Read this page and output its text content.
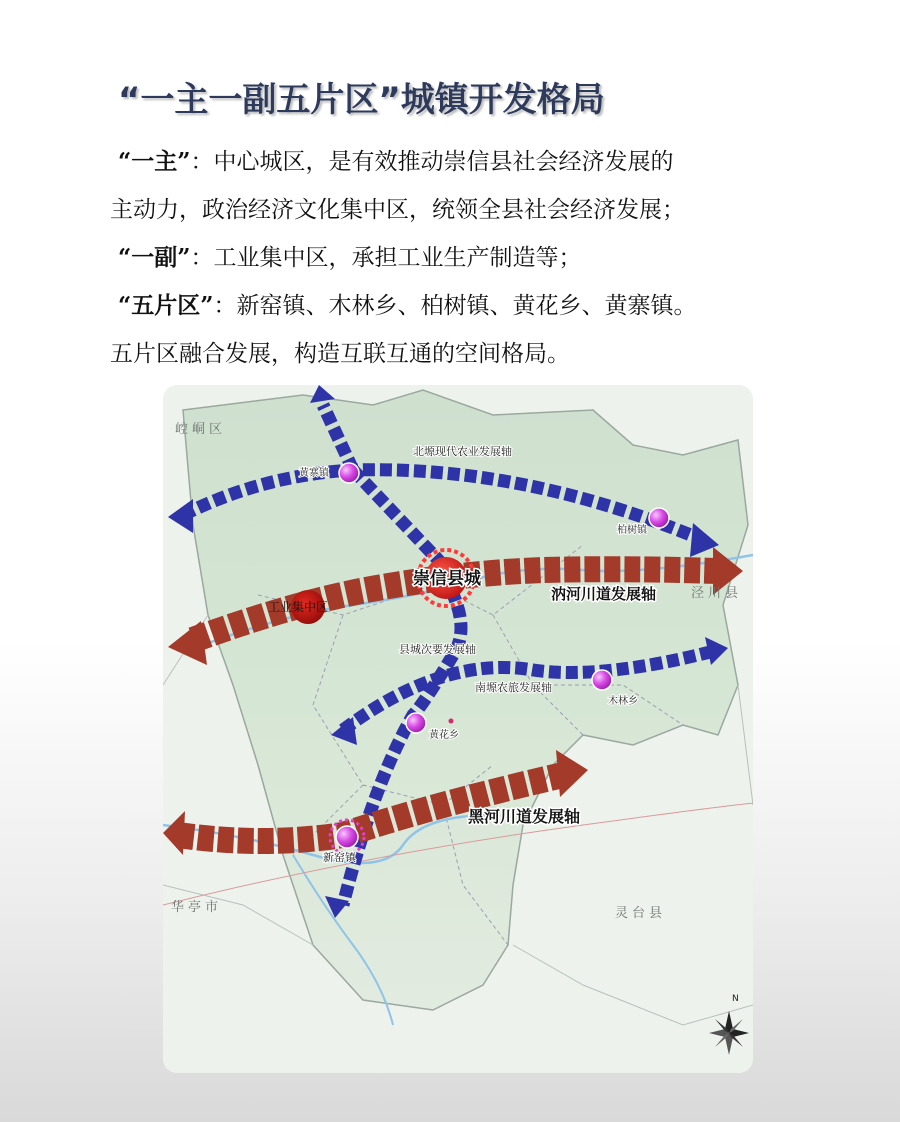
“一主一副五片区”城镇开发格局
“一主”：中心城区，是有效推动崇信县社会经济发展的
主动力，政治经济文化集中区，统领全县社会经济发展；
“一副”：工业集中区，承担工业生产制造等；
“五片区”：新窑镇、木林乡、柏树镇、黄花乡、黄寨镇。
五片区融合发展，构造互联互通的空间格局。
崇信县城
工业集中区
黄寨镇
柏树镇
木林乡
黄花乡
新窑镇
北塬现代农业发展轴
汭河川道发展轴
县城次要发展轴
南塬农旅发展轴
黑河川道发展轴
崆峒区
泾川县
华亭市	灵台县
N
